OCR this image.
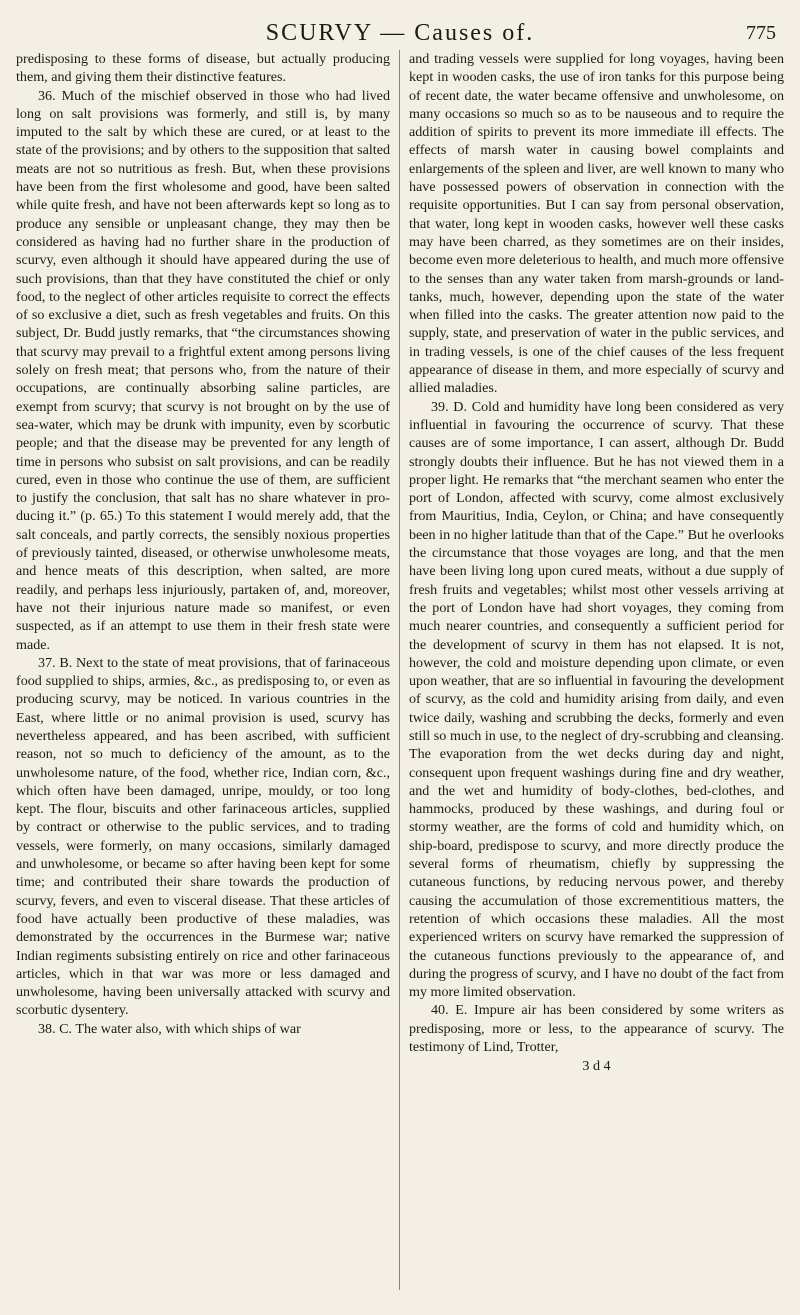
SCURVY — Causes of.	775

predisposing to these forms of disease, but actually producing them, and giving them their distinctive features.

36. Much of the mischief observed in those who had lived long on salt provisions was formerly, and still is, by many imputed to the salt by which these are cured, or at least to the state of the provisions; and by others to the supposition that salted meats are not so nutritious as fresh. But, when these provisions have been from the first wholesome and good, have been salted while quite fresh, and have not been afterwards kept so long as to produce any sensible or unpleasant change, they may then be considered as having had no further share in the production of scurvy, even although it should have appeared during the use of such provisions, than that they have constituted the chief or only food, to the neglect of other articles requisite to correct the effects of so exclusive a diet, such as fresh vegetables and fruits. On this subject, Dr. Budd justly remarks, that “the circumstances showing that scurvy may prevail to a frightful extent among persons living solely on fresh meat; that persons who, from the nature of their occupations, are continually absorbing saline particles, are exempt from scurvy; that scurvy is not brought on by the use of sea-water, which may be drunk with impunity, even by scorbutic people; and that the disease may be prevented for any length of time in persons who subsist on salt provisions, and can be readily cured, even in those who continue the use of them, are sufficient to justify the conclusion, that salt has no share whatever in producing it.” (p. 65.) To this statement I would merely add, that the salt conceals, and partly corrects, the sensibly noxious properties of previously tainted, diseased, or otherwise unwholesome meats, and hence meats of this description, when salted, are more readily, and perhaps less injuriously, partaken of, and, moreover, have not their injurious nature made so manifest, or even suspected, as if an attempt to use them in their fresh state were made.

37. B. Next to the state of meat provisions, that of farinaceous food supplied to ships, armies, &c., as predisposing to, or even as producing scurvy, may be noticed. In various countries in the East, where little or no animal provision is used, scurvy has nevertheless appeared, and has been ascribed, with sufficient reason, not so much to deficiency of the amount, as to the unwholesome nature, of the food, whether rice, Indian corn, &c., which often have been damaged, unripe, mouldy, or too long kept. The flour, biscuits and other farinaceous articles, supplied by contract or otherwise to the public services, and to trading vessels, were formerly, on many occasions, similarly damaged and unwholesome, or became so after having been kept for some time; and contributed their share towards the production of scurvy, fevers, and even to visceral disease. That these articles of food have actually been productive of these maladies, was demonstrated by the occurrences in the Burmese war; native Indian regiments subsisting entirely on rice and other farinaceous articles, which in that war was more or less damaged and unwholesome, having been universally attacked with scurvy and scorbutic dysentery.

38. C. The water also, with which ships of war

and trading vessels were supplied for long voyages, having been kept in wooden casks, the use of iron tanks for this purpose being of recent date, the water became offensive and unwholesome, on many occasions so much so as to be nauseous and to require the addition of spirits to prevent its more immediate ill effects. The effects of marsh water in causing bowel complaints and enlargements of the spleen and liver, are well known to many who have possessed powers of observation in connection with the requisite opportunities. But I can say from personal observation, that water, long kept in wooden casks, however well these casks may have been charred, as they sometimes are on their insides, become even more deleterious to health, and much more offensive to the senses than any water taken from marsh-grounds or land-tanks, much, however, depending upon the state of the water when filled into the casks. The greater attention now paid to the supply, state, and preservation of water in the public services, and in trading vessels, is one of the chief causes of the less frequent appearance of disease in them, and more especially of scurvy and allied maladies.

39. D. Cold and humidity have long been considered as very influential in favouring the occurrence of scurvy. That these causes are of some importance, I can assert, although Dr. Budd strongly doubts their influence. But he has not viewed them in a proper light. He remarks that “the merchant seamen who enter the port of London, affected with scurvy, come almost exclusively from Mauritius, India, Ceylon, or China; and have consequently been in no higher latitude than that of the Cape.” But he overlooks the circumstance that those voyages are long, and that the men have been living long upon cured meats, without a due supply of fresh fruits and vegetables; whilst most other vessels arriving at the port of London have had short voyages, they coming from much nearer countries, and consequently a sufficient period for the development of scurvy in them has not elapsed. It is not, however, the cold and moisture depending upon climate, or even upon weather, that are so influential in favouring the development of scurvy, as the cold and humidity arising from daily, and even twice daily, washing and scrubbing the decks, formerly and even still so much in use, to the neglect of dry-scrubbing and cleansing. The evaporation from the wet decks during day and night, consequent upon frequent washings during fine and dry weather, and the wet and humidity of body-clothes, bed-clothes, and hammocks, produced by these washings, and during foul or stormy weather, are the forms of cold and humidity which, on ship-board, predispose to scurvy, and more directly produce the several forms of rheumatism, chiefly by suppressing the cutaneous functions, by reducing nervous power, and thereby causing the accumulation of those excrementitious matters, the retention of which occasions these maladies. All the most experienced writers on scurvy have remarked the suppression of the cutaneous functions previously to the appearance of, and during the progress of scurvy, and I have no doubt of the fact from my more limited observation.

40. E. Impure air has been considered by some writers as predisposing, more or less, to the appearance of scurvy. The testimony of Lind, Trotter,

3 d 4
